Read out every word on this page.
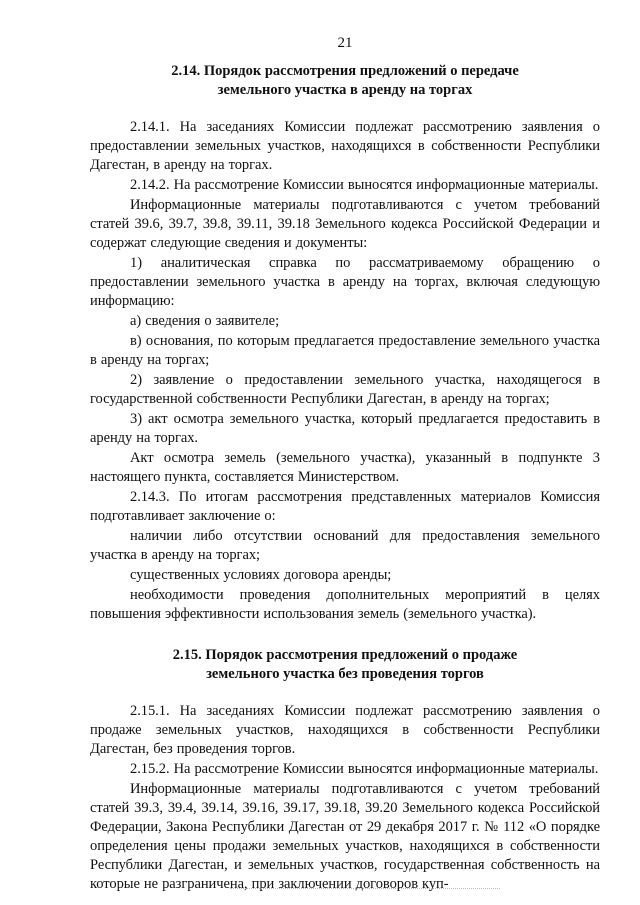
21
2.14. Порядок рассмотрения предложений о передаче
земельного участка в аренду на торгах

2.14.1. На заседаниях Комиссии подлежат рассмотрению заявления о предоставлении земельных участков, находящихся в собственности Республики Дагестан, в аренду на торгах.

2.14.2. На рассмотрение Комиссии выносятся информационные материалы.

Информационные материалы подготавливаются с учетом требований статей 39.6, 39.7, 39.8, 39.11, 39.18 Земельного кодекса Российской Федерации и содержат следующие сведения и документы:

1) аналитическая справка по рассматриваемому обращению о предоставлении земельного участка в аренду на торгах, включая следующую информацию:

а) сведения о заявителе;

в) основания, по которым предлагается предоставление земельного участка в аренду на торгах;

2) заявление о предоставлении земельного участка, находящегося в государственной собственности Республики Дагестан, в аренду на торгах;

3) акт осмотра земельного участка, который предлагается предоставить в аренду на торгах.

Акт осмотра земель (земельного участка), указанный в подпункте 3 настоящего пункта, составляется Министерством.

2.14.3. По итогам рассмотрения представленных материалов Комиссия подготавливает заключение о:

наличии либо отсутствии оснований для предоставления земельного участка в аренду на торгах;

существенных условиях договора аренды;

необходимости проведения дополнительных мероприятий в целях повышения эффективности использования земель (земельного участка).

2.15. Порядок рассмотрения предложений о продаже
земельного участка без проведения торгов

2.15.1. На заседаниях Комиссии подлежат рассмотрению заявления о продаже земельных участков, находящихся в собственности Республики Дагестан, без проведения торгов.

2.15.2. На рассмотрение Комиссии выносятся информационные материалы.

Информационные материалы подготавливаются с учетом требований статей 39.3, 39.4, 39.14, 39.16, 39.17, 39.18, 39.20 Земельного кодекса Российской Федерации, Закона Республики Дагестан от 29 декабря 2017 г. № 112 «О порядке определения цены продажи земельных участков, находящихся в собственности Республики Дагестан, и земельных участков, государственная собственность на которые не разграничена, при заключении договоров куп-
